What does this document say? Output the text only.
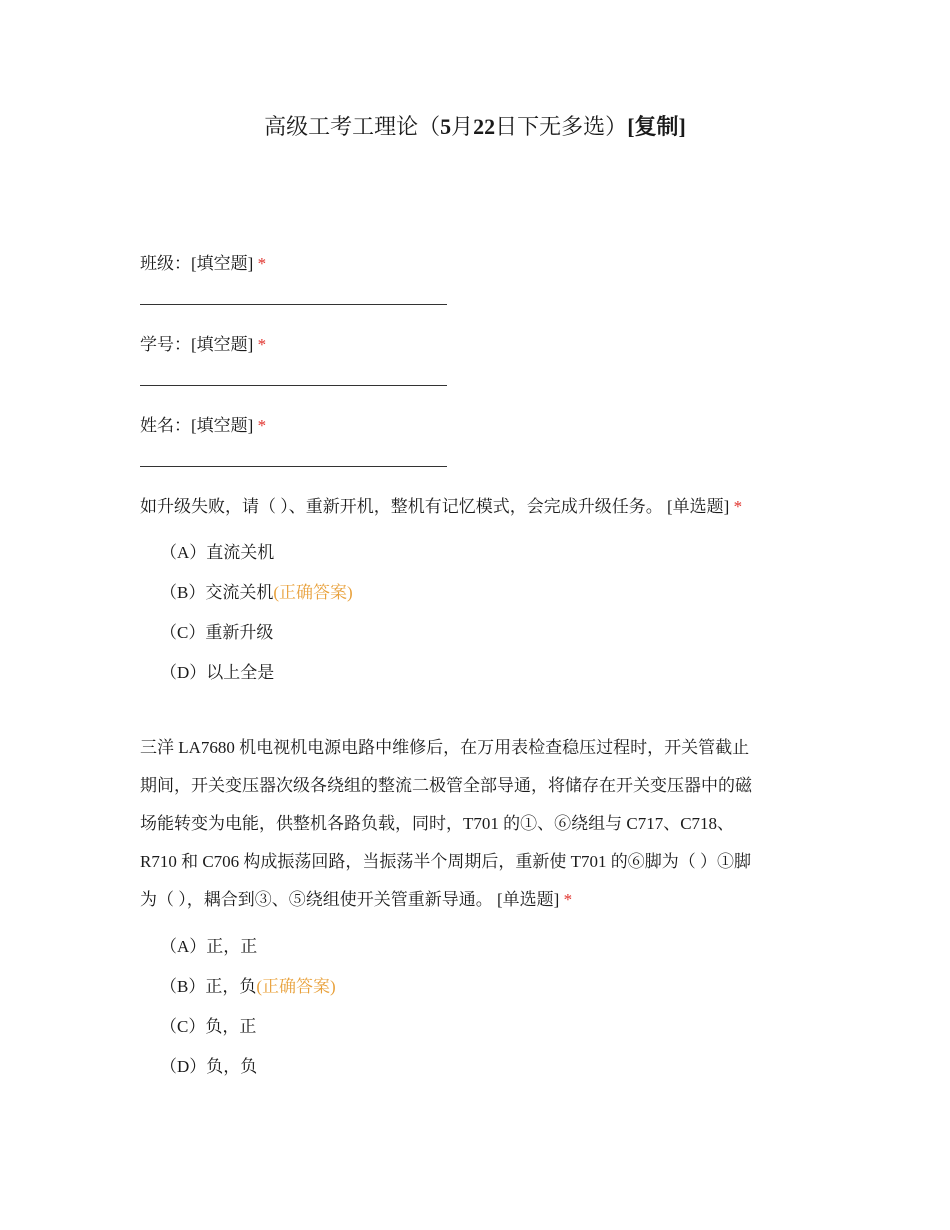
高级工考工理论（5月22日下无多选）[复制]
班级：[填空题] *
学号：[填空题] *
姓名：[填空题] *
如升级失败，请（ ）、重新开机，整机有记忆模式，会完成升级任务。 [单选题] *
（A）直流关机
（B）交流关机(正确答案)
（C）重新升级
（D）以上全是
三洋 LA7680 机电视机电源电路中维修后，在万用表检查稳压过程时，开关管截止
期间，开关变压器次级各绕组的整流二极管全部导通，将储存在开关变压器中的磁
场能转变为电能，供整机各路负载，同时，T701 的①、⑥绕组与 C717、C718、
R710 和 C706 构成振荡回路，当振荡半个周期后，重新使 T701 的⑥脚为（ ）①脚
为（ ），耦合到③、⑤绕组使开关管重新导通。 [单选题] *
（A）正，正
（B）正，负(正确答案)
（C）负，正
（D）负，负
